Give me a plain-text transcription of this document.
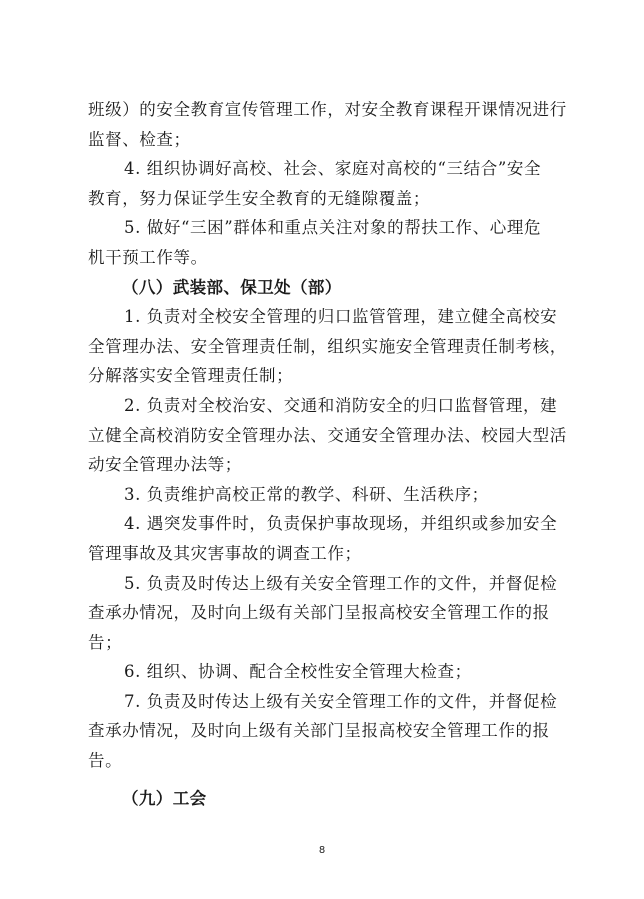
班级）的安全教育宣传管理工作，对安全教育课程开课情况进行
监督、检查；
4. 组织协调好高校、社会、家庭对高校的“三结合”安全
教育，努力保证学生安全教育的无缝隙覆盖；
5. 做好“三困”群体和重点关注对象的帮扶工作、心理危
机干预工作等。
（八）武装部、保卫处（部）
1. 负责对全校安全管理的归口监管管理，建立健全高校安
全管理办法、安全管理责任制，组织实施安全管理责任制考核，
分解落实安全管理责任制；
2. 负责对全校治安、交通和消防安全的归口监督管理，建
立健全高校消防安全管理办法、交通安全管理办法、校园大型活
动安全管理办法等；
3. 负责维护高校正常的教学、科研、生活秩序；
4. 遇突发事件时，负责保护事故现场，并组织或参加安全
管理事故及其灾害事故的调查工作；
5. 负责及时传达上级有关安全管理工作的文件，并督促检
查承办情况，及时向上级有关部门呈报高校安全管理工作的报
告；
6. 组织、协调、配合全校性安全管理大检查；
7. 负责及时传达上级有关安全管理工作的文件，并督促检
查承办情况，及时向上级有关部门呈报高校安全管理工作的报
告。
（九）工会
8
